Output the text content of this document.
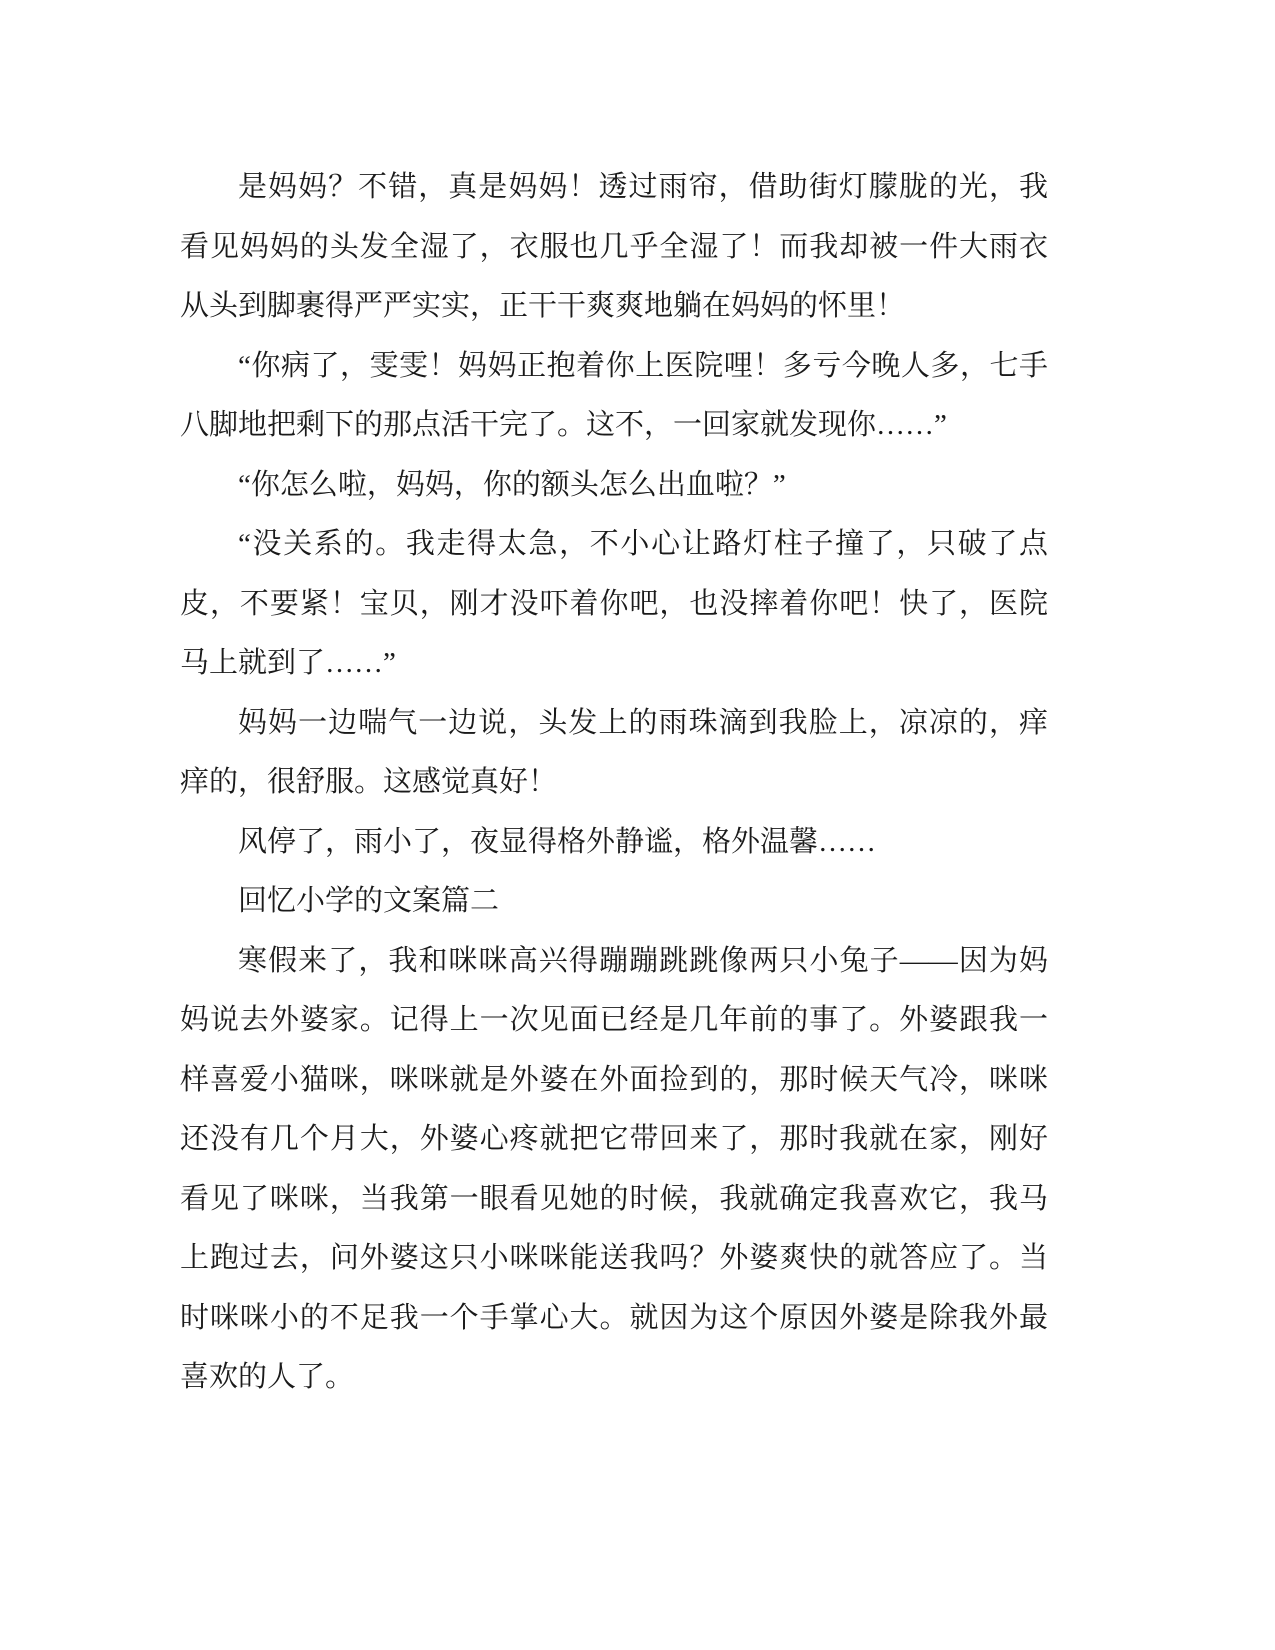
是妈妈？不错，真是妈妈！透过雨帘，借助街灯朦胧的光，我看见妈妈的头发全湿了，衣服也几乎全湿了！而我却被一件大雨衣从头到脚裹得严严实实，正干干爽爽地躺在妈妈的怀里！

“你病了，雯雯！妈妈正抱着你上医院哩！多亏今晚人多，七手八脚地把剩下的那点活干完了。这不，一回家就发现你……”

“你怎么啦，妈妈，你的额头怎么出血啦？”

“没关系的。我走得太急，不小心让路灯柱子撞了，只破了点皮，不要紧！宝贝，刚才没吓着你吧，也没摔着你吧！快了，医院马上就到了……”

妈妈一边喘气一边说，头发上的雨珠滴到我脸上，凉凉的，痒痒的，很舒服。这感觉真好！

风停了，雨小了，夜显得格外静谧，格外温馨……

回忆小学的文案篇二

寒假来了，我和咪咪高兴得蹦蹦跳跳像两只小兔子——因为妈妈说去外婆家。记得上一次见面已经是几年前的事了。外婆跟我一样喜爱小猫咪，咪咪就是外婆在外面捡到的，那时候天气冷，咪咪还没有几个月大，外婆心疼就把它带回来了，那时我就在家，刚好看见了咪咪，当我第一眼看见她的时候，我就确定我喜欢它，我马上跑过去，问外婆这只小咪咪能送我吗？外婆爽快的就答应了。当时咪咪小的不足我一个手掌心大。就因为这个原因外婆是除我外最喜欢的人了。
